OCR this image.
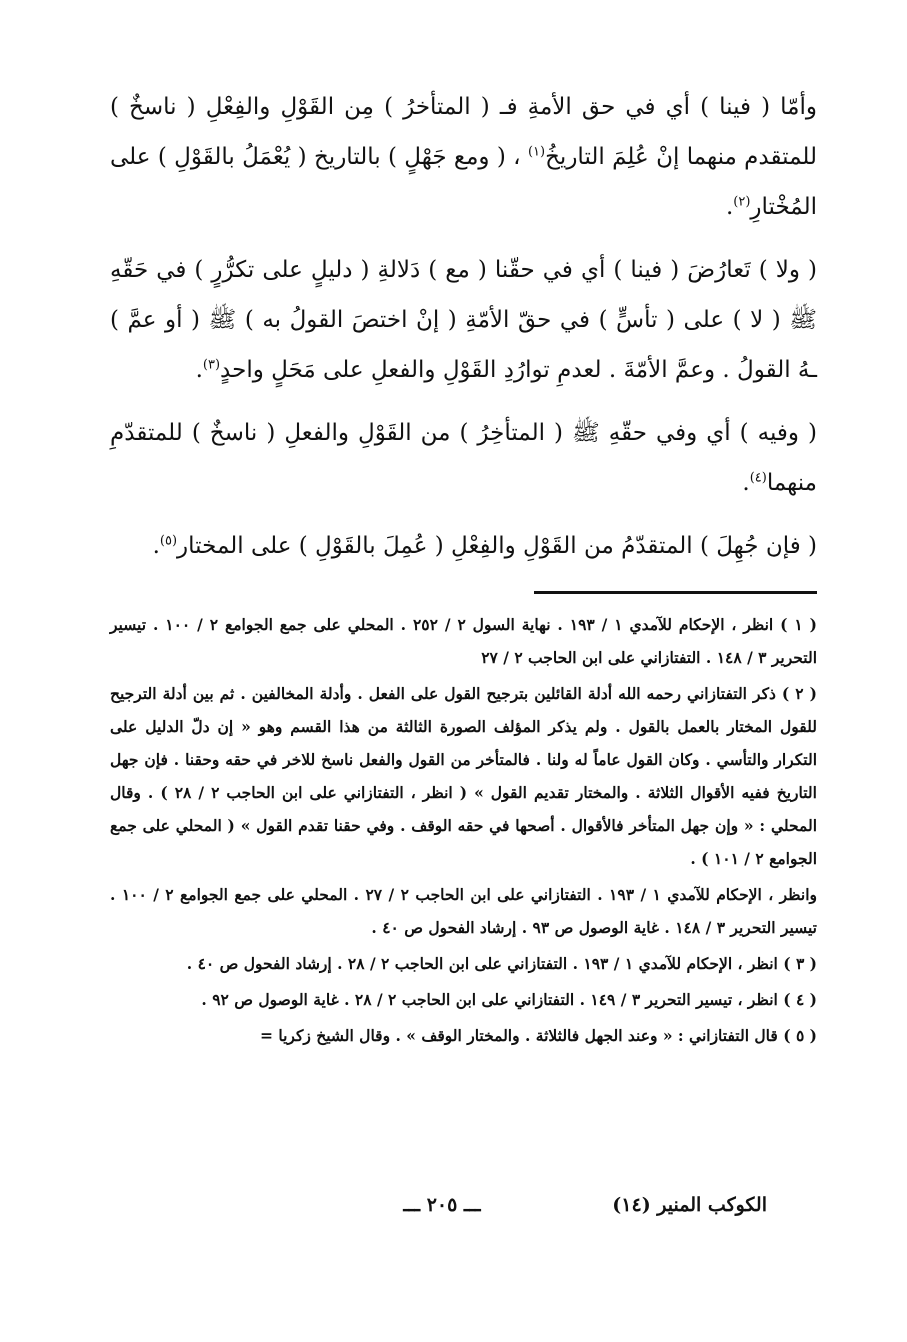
وأمّا ( فينا ) أي في حق الأمةِ فـ ( المتأخرُ ) مِن القَوْلِ والفِعْلِ ( ناسخٌ ) للمتقدم منهما إنْ عُلِمَ التاريخُ$^{(١)}$ ، ( ومع جَهْلٍ ) بالتاريخ ( يُعْمَلُ بالقَوْلِ ) على المُخْتارِ$^{(٢)}$.

( ولا ) تَعارُضَ ( فينا ) أي في حقّنا ( مع ) دَلالةِ ( دليلٍ على تكرُّرٍ ) في حَقّهِ ﷺ ( لا ) على ( تأسٍّ ) في حقّ الأمّةِ ( إنْ اختصَ القولُ به ) ﷺ ( أو عمَّ ) ـهُ القولُ . وعمَّ الأمّةَ . لعدمِ توارُدِ القَوْلِ والفعلِ على مَحَلٍ واحدٍ$^{(٣)}$.

( وفيه ) أي وفي حقّهِ ﷺ ( المتأخِرُ ) من القَوْلِ والفعلِ ( ناسخٌ ) للمتقدّمِ منهما$^{(٤)}$.

( فإن جُهِلَ ) المتقدّمُ من القَوْلِ والفِعْلِ ( عُمِلَ بالقَوْلِ ) على المختار$^{(٥)}$.

( ١ ) انظر ، الإحكام للآمدي ١ / ١٩٣ . نهاية السول ٢ / ٢٥٢ . المحلي على جمع الجوامع ٢ / ١٠٠ . تيسير التحرير ٣ / ١٤٨ . التفتازاني على ابن الحاجب ٢ / ٢٧

( ٢ ) ذكر التفتازاني رحمه الله أدلة القائلين بترجيح القول على الفعل . وأدلة المخالفين . ثم بين أدلة الترجيح للقول المختار بالعمل بالقول . ولم يذكر المؤلف الصورة الثالثة من هذا القسم وهو « إن دلّ الدليل على التكرار والتأسي . وكان القول عاماً له ولنا . فالمتأخر من القول والفعل ناسخ للاخر في حقه وحقنا . فإن جهل التاريخ ففيه الأقوال الثلاثة . والمختار تقديم القول » ( انظر ، التفتازاني على ابن الحاجب ٢ / ٢٨ ) . وقال المحلي : « وإن جهل المتأخر فالأقوال . أصحها في حقه الوقف . وفي حقنا تقدم القول » ( المحلي على جمع الجوامع ٢ / ١٠١ ) .

وانظر ، الإحكام للآمدي ١ / ١٩٣ . التفتازاني على ابن الحاجب ٢ / ٢٧ . المحلي على جمع الجوامع ٢ / ١٠٠ . تيسير التحرير ٣ / ١٤٨ . غاية الوصول ص ٩٣ . إرشاد الفحول ص ٤٠ .

( ٣ ) انظر ، الإحكام للآمدي ١ / ١٩٣ . التفتازاني على ابن الحاجب ٢ / ٢٨ . إرشاد الفحول ص ٤٠ .

( ٤ ) انظر ، تيسير التحرير ٣ / ١٤٩ . التفتازاني على ابن الحاجب ٢ / ٢٨ . غاية الوصول ص ٩٢ .

( ٥ ) قال التفتازاني : « وعند الجهل فالثلاثة . والمختار الوقف » . وقال الشيخ زكريا =

الكوكب المنير (١٤)
ـــ ٢٠٥ ـــ
